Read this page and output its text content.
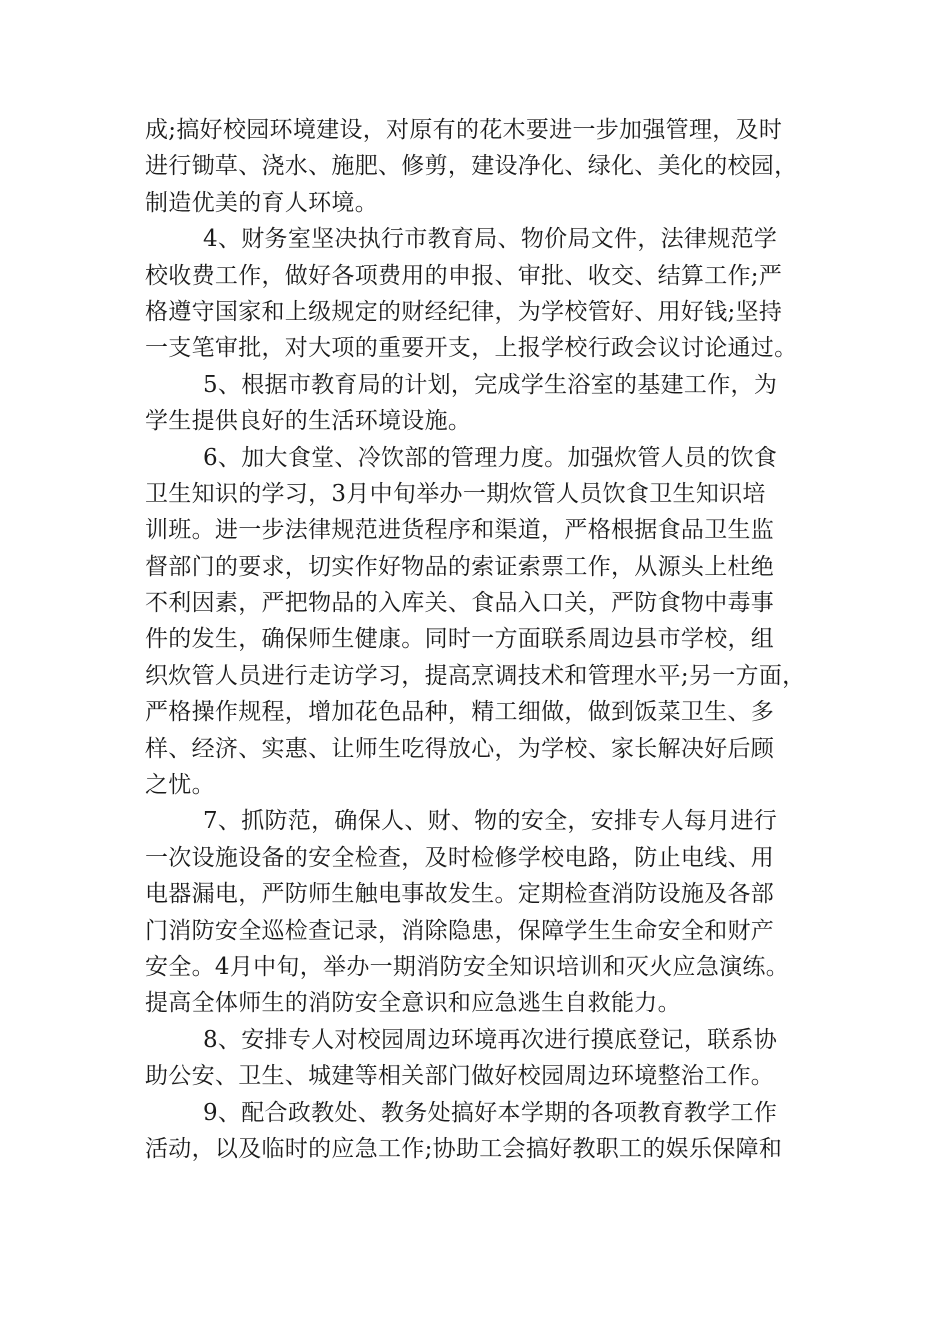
成;搞好校园环境建设，对原有的花木要进一步加强管理，及时
进行锄草、浇水、施肥、修剪，建设净化、绿化、美化的校园，
制造优美的育人环境。
4、财务室坚决执行市教育局、物价局文件，法律规范学
校收费工作，做好各项费用的申报、审批、收交、结算工作;严
格遵守国家和上级规定的财经纪律，为学校管好、用好钱;坚持
一支笔审批，对大项的重要开支，上报学校行政会议讨论通过。
5、根据市教育局的计划，完成学生浴室的基建工作，为
学生提供良好的生活环境设施。
6、加大食堂、冷饮部的管理力度。加强炊管人员的饮食
卫生知识的学习，3月中旬举办一期炊管人员饮食卫生知识培
训班。进一步法律规范进货程序和渠道，严格根据食品卫生监
督部门的要求，切实作好物品的索证索票工作，从源头上杜绝
不利因素，严把物品的入库关、食品入口关，严防食物中毒事
件的发生，确保师生健康。同时一方面联系周边县市学校，组
织炊管人员进行走访学习，提高烹调技术和管理水平;另一方面，
严格操作规程，增加花色品种，精工细做，做到饭菜卫生、多
样、经济、实惠、让师生吃得放心，为学校、家长解决好后顾
之忧。
7、抓防范，确保人、财、物的安全，安排专人每月进行
一次设施设备的安全检查，及时检修学校电路，防止电线、用
电器漏电，严防师生触电事故发生。定期检查消防设施及各部
门消防安全巡检查记录，消除隐患，保障学生生命安全和财产
安全。4月中旬，举办一期消防安全知识培训和灭火应急演练。
提高全体师生的消防安全意识和应急逃生自救能力。
8、安排专人对校园周边环境再次进行摸底登记，联系协
助公安、卫生、城建等相关部门做好校园周边环境整治工作。
9、配合政教处、教务处搞好本学期的各项教育教学工作
活动，以及临时的应急工作;协助工会搞好教职工的娱乐保障和
